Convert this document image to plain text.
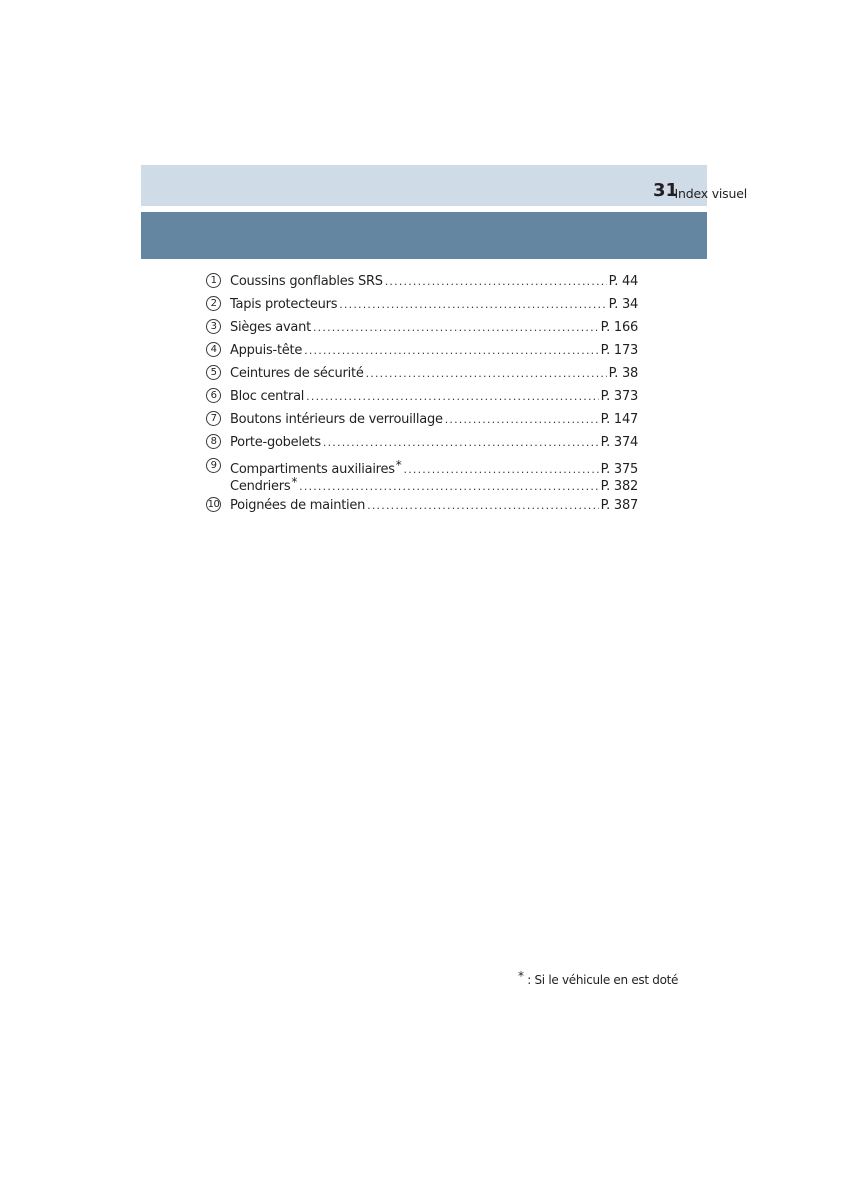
Index visuel
31
1	Coussins gonflables SRS .....	P. 44
2	Tapis protecteurs .....	P. 34
3	Sièges avant .....	P. 166
4	Appuis-tête .....	P. 173
5	Ceintures de sécurité .....	P. 38
6	Bloc central .....	P. 373
7	Boutons intérieurs de verrouillage .....	P. 147
8	Porte-gobelets .....	P. 374
9	Compartiments auxiliaires* .....	P. 375
Cendriers* .....	P. 382
10 Poignées de maintien .....	P. 387
* : Si le véhicule en est doté
